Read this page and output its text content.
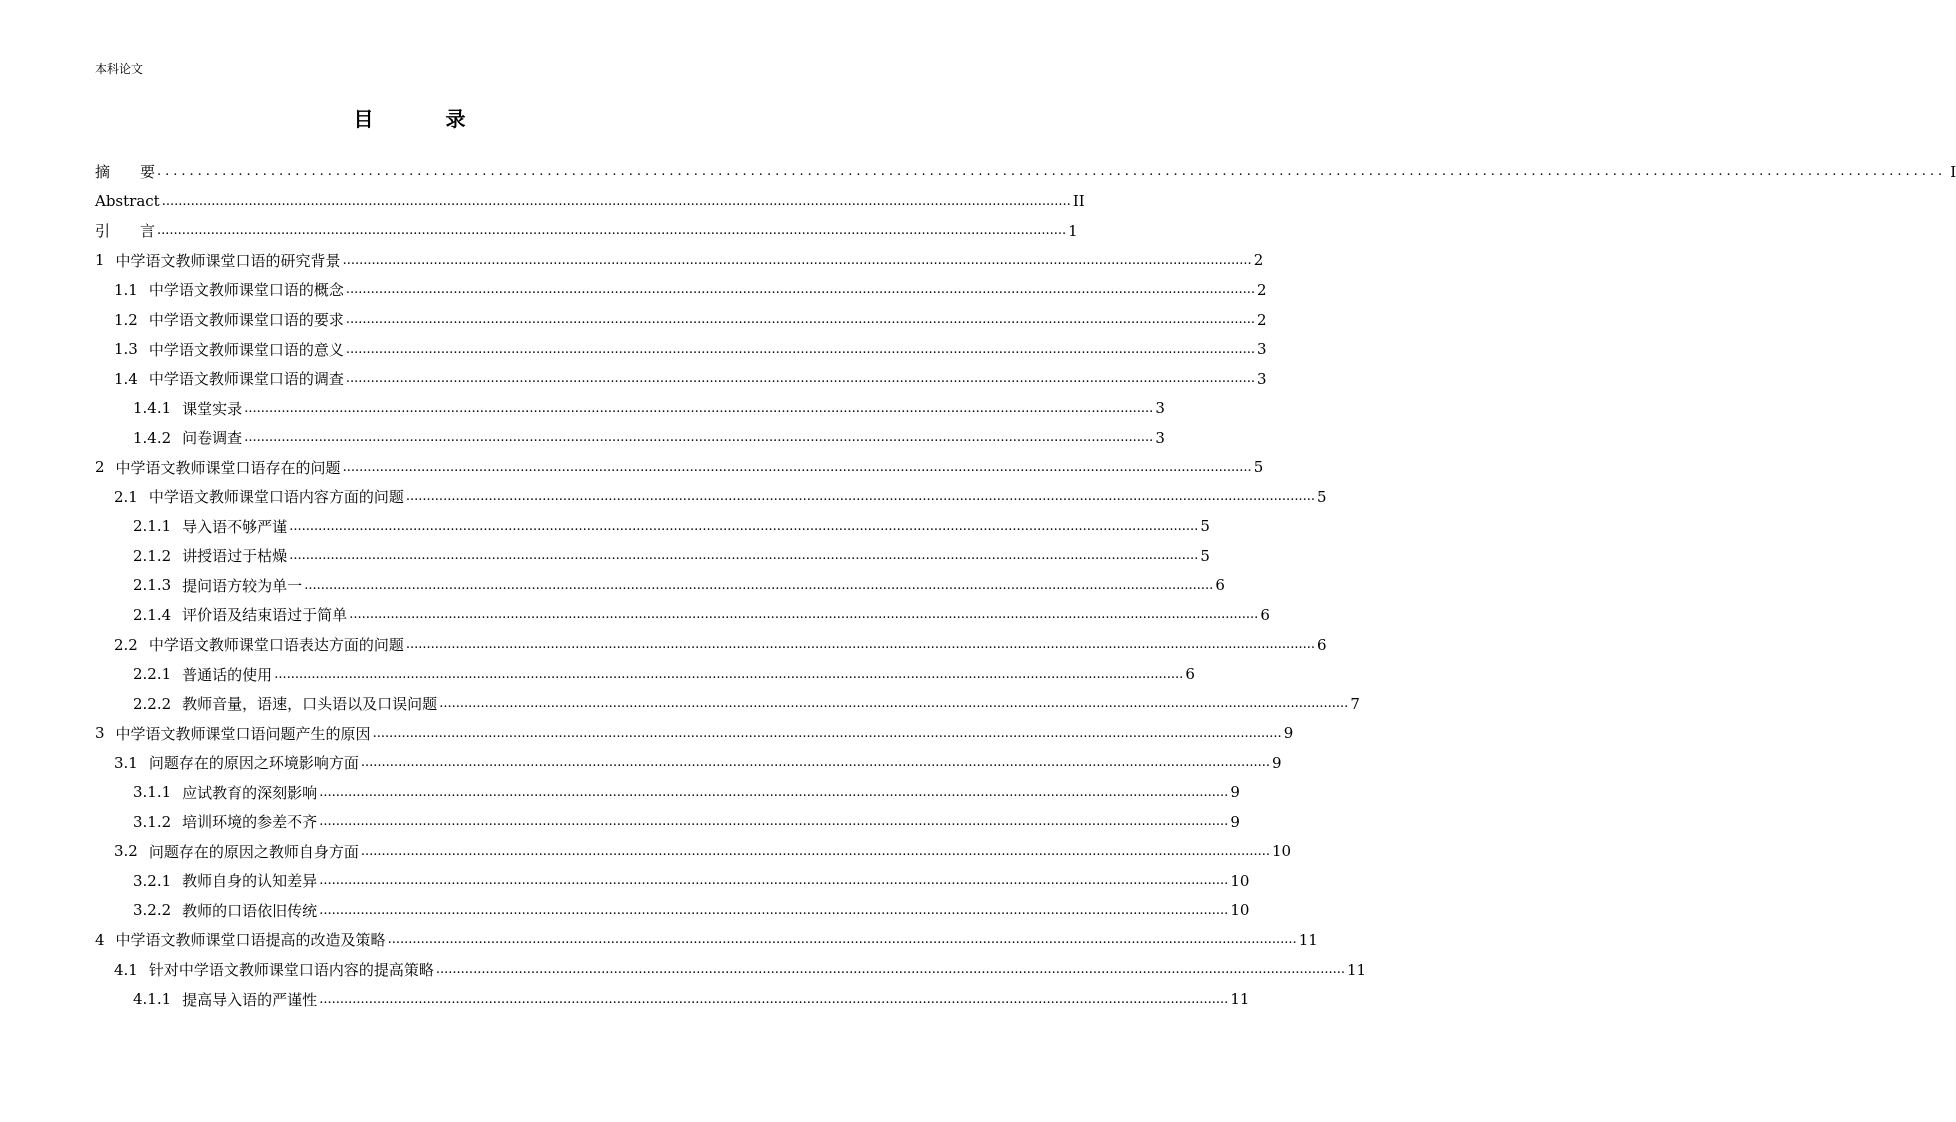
本科论文
目　录
摘　　要 ............................................................................................................................................................................................................................ I
Abstract ............................................................................................................................................................................................................................ II
引　　言 ............................................................................................................................................................................................................................ 1
1 中学语文教师课堂口语的研究背景 ............................................................................................................................................................................................................................ 2
1.1 中学语文教师课堂口语的概念 ............................................................................................................................................................................................................................ 2
1.2 中学语文教师课堂口语的要求 ............................................................................................................................................................................................................................ 2
1.3 中学语文教师课堂口语的意义 ............................................................................................................................................................................................................................ 3
1.4 中学语文教师课堂口语的调查 ............................................................................................................................................................................................................................ 3
1.4.1 课堂实录 ............................................................................................................................................................................................................................ 3
1.4.2 问卷调查 ............................................................................................................................................................................................................................ 3
2 中学语文教师课堂口语存在的问题 ............................................................................................................................................................................................................................ 5
2.1 中学语文教师课堂口语内容方面的问题 ............................................................................................................................................................................................................................ 5
2.1.1 导入语不够严谨 ............................................................................................................................................................................................................................ 5
2.1.2 讲授语过于枯燥 ............................................................................................................................................................................................................................ 5
2.1.3 提问语方较为单一 ............................................................................................................................................................................................................................ 6
2.1.4 评价语及结束语过于简单 ............................................................................................................................................................................................................................ 6
2.2 中学语文教师课堂口语表达方面的问题 ............................................................................................................................................................................................................................ 6
2.2.1 普通话的使用 ............................................................................................................................................................................................................................ 6
2.2.2 教师音量，语速，口头语以及口误问题 ............................................................................................................................................................................................................................ 7
3 中学语文教师课堂口语问题产生的原因 ............................................................................................................................................................................................................................ 9
3.1 问题存在的原因之环境影响方面 ............................................................................................................................................................................................................................ 9
3.1.1 应试教育的深刻影响 ............................................................................................................................................................................................................................ 9
3.1.2 培训环境的参差不齐 ............................................................................................................................................................................................................................ 9
3.2 问题存在的原因之教师自身方面 ............................................................................................................................................................................................................................ 10
3.2.1 教师自身的认知差异 ............................................................................................................................................................................................................................ 10
3.2.2 教师的口语依旧传统 ............................................................................................................................................................................................................................ 10
4 中学语文教师课堂口语提高的改造及策略 ............................................................................................................................................................................................................................ 11
4.1 针对中学语文教师课堂口语内容的提高策略 ............................................................................................................................................................................................................................ 11
4.1.1 提高导入语的严谨性 ............................................................................................................................................................................................................................ 11
